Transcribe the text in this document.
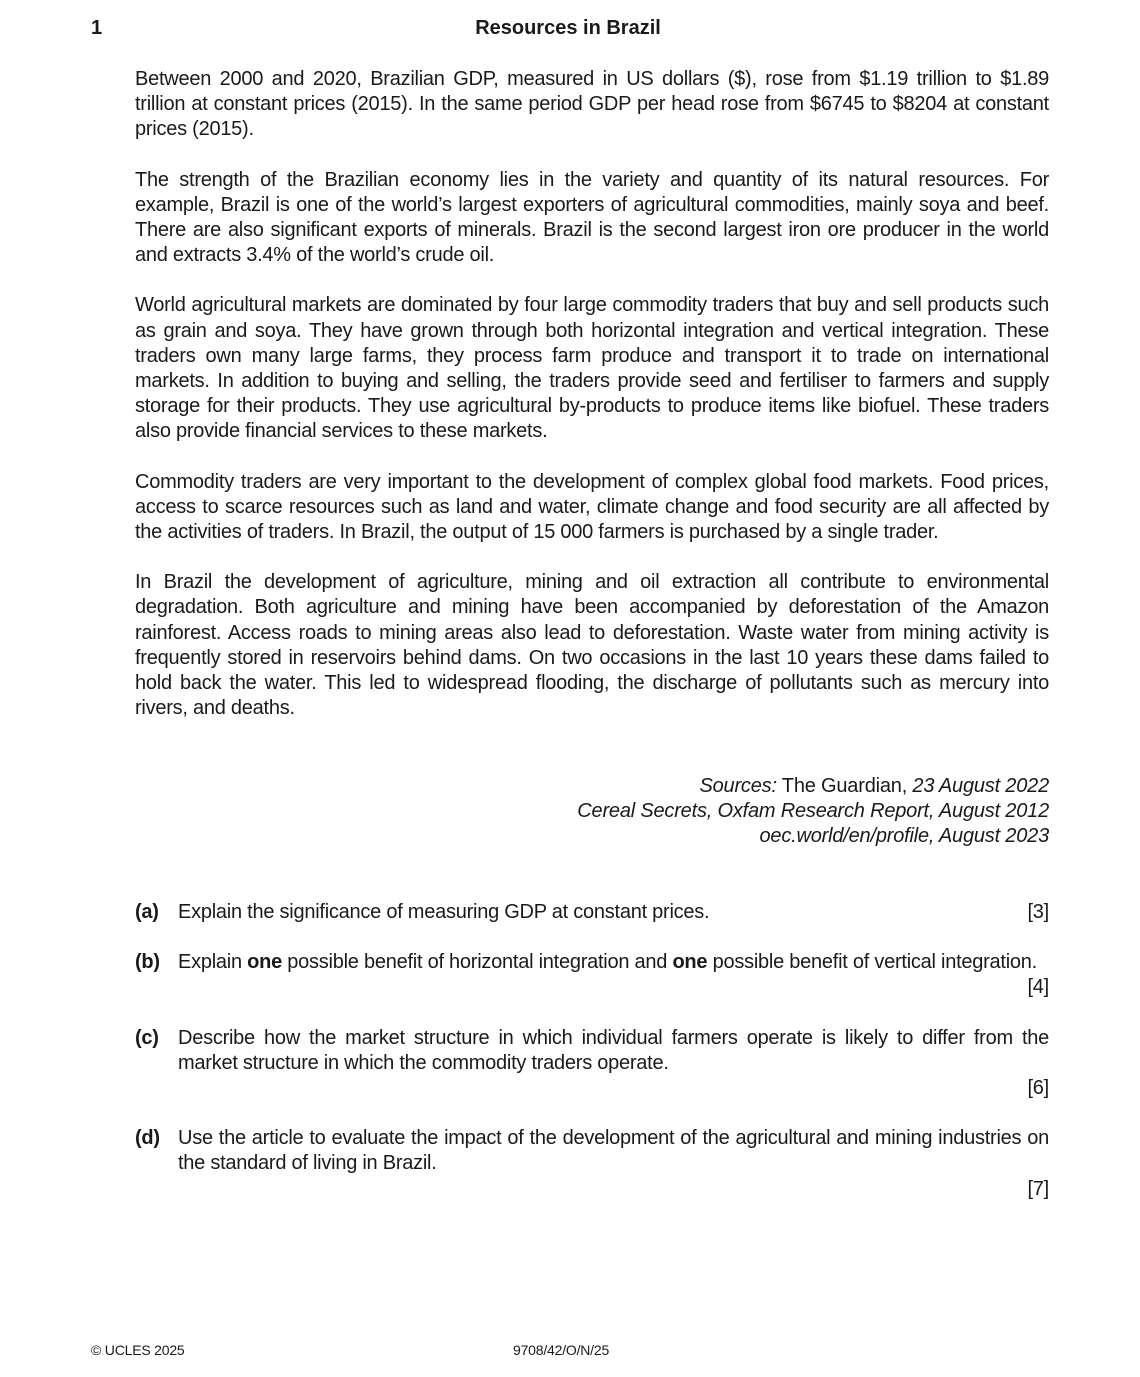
1	Resources in Brazil

Between 2000 and 2020, Brazilian GDP, measured in US dollars ($), rose from $1.19 trillion to $1.89 trillion at constant prices (2015). In the same period GDP per head rose from $6745 to $8204 at constant prices (2015).

The strength of the Brazilian economy lies in the variety and quantity of its natural resources. For example, Brazil is one of the world’s largest exporters of agricultural commodities, mainly soya and beef. There are also significant exports of minerals. Brazil is the second largest iron ore producer in the world and extracts 3.4% of the world’s crude oil.

World agricultural markets are dominated by four large commodity traders that buy and sell products such as grain and soya. They have grown through both horizontal integration and vertical integration. These traders own many large farms, they process farm produce and transport it to trade on international markets. In addition to buying and selling, the traders provide seed and fertiliser to farmers and supply storage for their products. They use agricultural by-products to produce items like biofuel. These traders also provide financial services to these markets.

Commodity traders are very important to the development of complex global food markets. Food prices, access to scarce resources such as land and water, climate change and food security are all affected by the activities of traders. In Brazil, the output of 15 000 farmers is purchased by a single trader.

In Brazil the development of agriculture, mining and oil extraction all contribute to environmental degradation. Both agriculture and mining have been accompanied by deforestation of the Amazon rainforest. Access roads to mining areas also lead to deforestation. Waste water from mining activity is frequently stored in reservoirs behind dams. On two occasions in the last 10 years these dams failed to hold back the water. This led to widespread flooding, the discharge of pollutants such as mercury into rivers, and deaths.

Sources: The Guardian, 23 August 2022
Cereal Secrets, Oxfam Research Report, August 2012
oec.world/en/profile, August 2023
(a) Explain the significance of measuring GDP at constant prices.	[3]
(b) Explain one possible benefit of horizontal integration and one possible benefit of vertical integration.
[4]
(c) Describe how the market structure in which individual farmers operate is likely to differ from the market structure in which the commodity traders operate.
[6]
(d) Use the article to evaluate the impact of the development of the agricultural and mining industries on the standard of living in Brazil.
[7]
© UCLES 2025	9708/42/O/N/25
